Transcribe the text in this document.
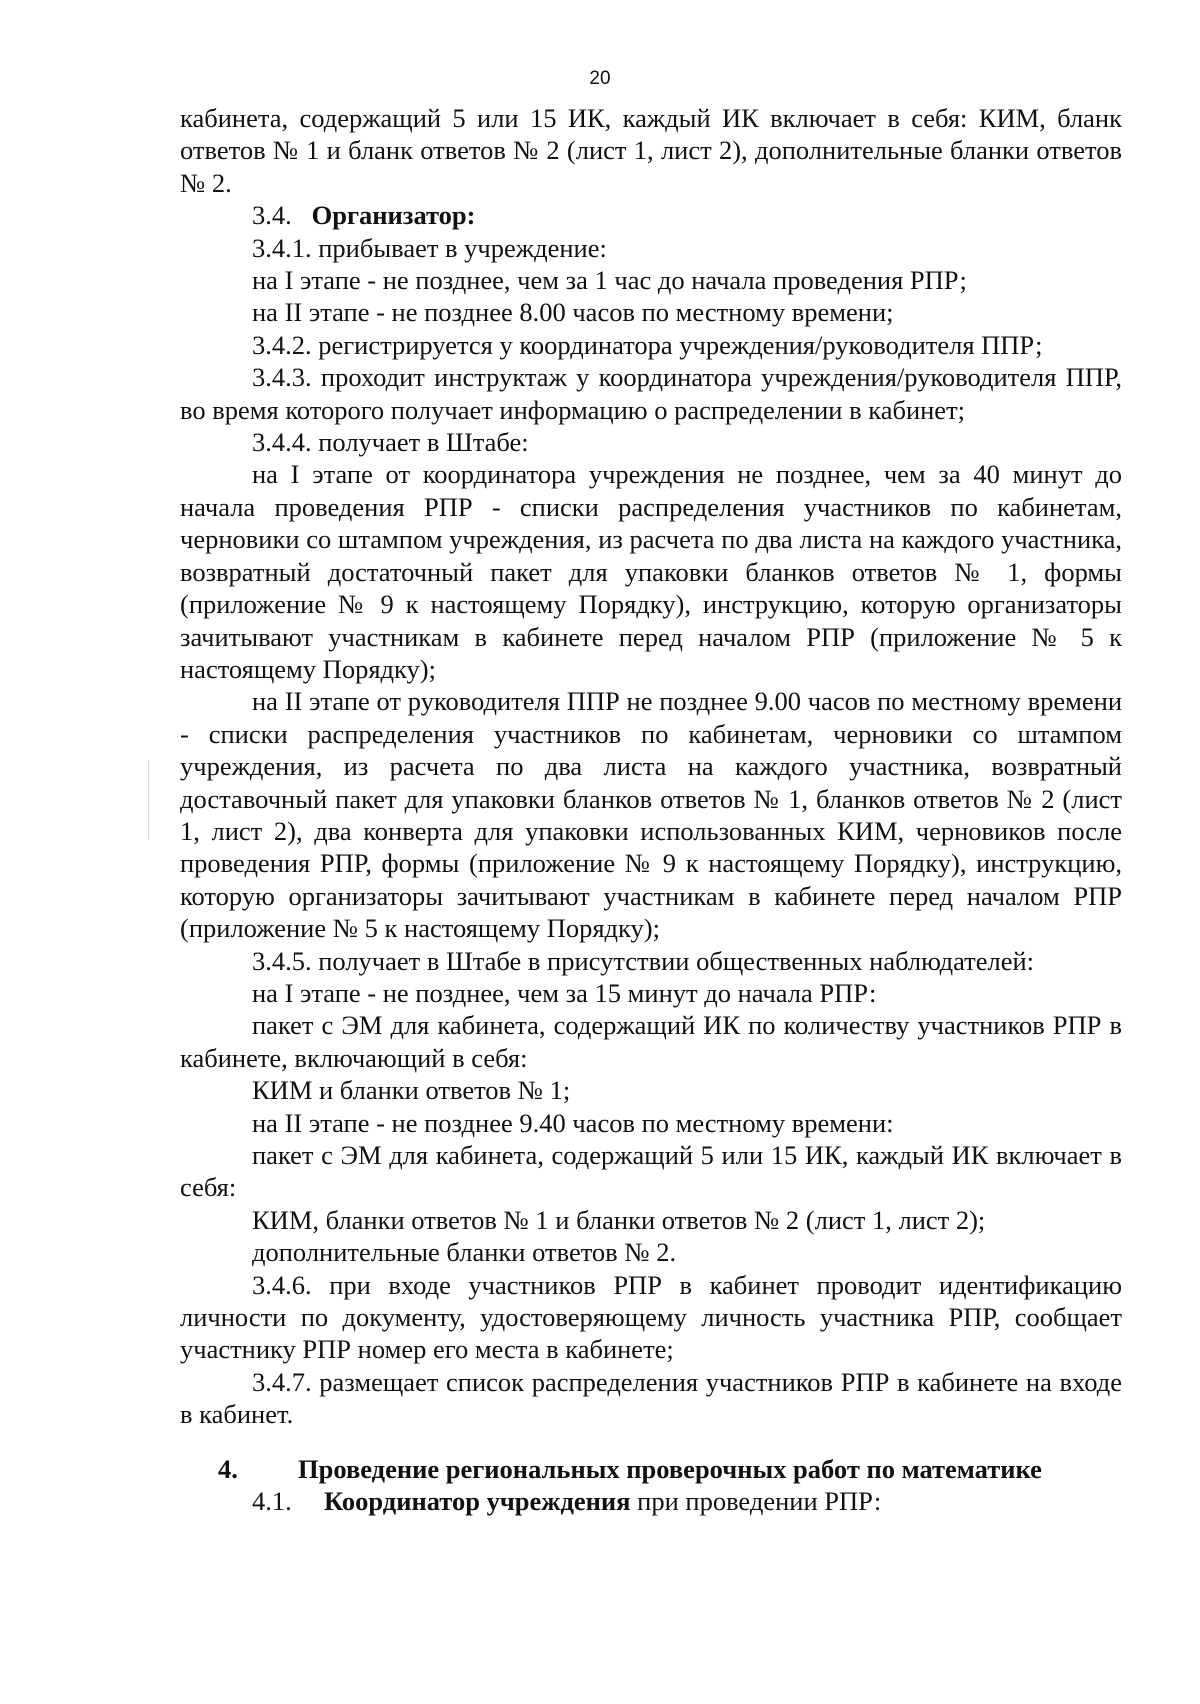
20

кабинета, содержащий 5 или 15 ИК, каждый ИК включает в себя: КИМ, бланк ответов № 1 и бланк ответов № 2 (лист 1, лист 2), дополнительные бланки ответов № 2.

3.4. Организатор:

3.4.1. прибывает в учреждение:

на I этапе - не позднее, чем за 1 час до начала проведения РПР;

на II этапе - не позднее 8.00 часов по местному времени;

3.4.2. регистрируется у координатора учреждения/руководителя ППР;

3.4.3. проходит инструктаж у координатора учреждения/руководителя ППР, во время которого получает информацию о распределении в кабинет;

3.4.4. получает в Штабе:

на I этапе от координатора учреждения не позднее, чем за 40 минут до начала проведения РПР - списки распределения участников по кабинетам, черновики со штампом учреждения, из расчета по два листа на каждого участника, возвратный достаточный пакет для упаковки бланков ответов № 1, формы (приложение № 9 к настоящему Порядку), инструкцию, которую организаторы зачитывают участникам в кабинете перед началом РПР (приложение № 5 к настоящему Порядку);

на II этапе от руководителя ППР не позднее 9.00 часов по местному времени - списки распределения участников по кабинетам, черновики со штампом учреждения, из расчета по два листа на каждого участника, возвратный доставочный пакет для упаковки бланков ответов № 1, бланков ответов № 2 (лист 1, лист 2), два конверта для упаковки использованных КИМ, черновиков после проведения РПР, формы (приложение № 9 к настоящему Порядку), инструкцию, которую организаторы зачитывают участникам в кабинете перед началом РПР (приложение № 5 к настоящему Порядку);

3.4.5. получает в Штабе в присутствии общественных наблюдателей:

на I этапе - не позднее, чем за 15 минут до начала РПР:

пакет с ЭМ для кабинета, содержащий ИК по количеству участников РПР в кабинете, включающий в себя:

КИМ и бланки ответов № 1;

на II этапе - не позднее 9.40 часов по местному времени:

пакет с ЭМ для кабинета, содержащий 5 или 15 ИК, каждый ИК включает в себя:

КИМ, бланки ответов № 1 и бланки ответов № 2 (лист 1, лист 2);

дополнительные бланки ответов № 2.

3.4.6. при входе участников РПР в кабинет проводит идентификацию личности по документу, удостоверяющему личность участника РПР, сообщает участнику РПР номер его места в кабинете;

3.4.7. размещает список распределения участников РПР в кабинете на входе в кабинет.

4.	Проведение региональных проверочных работ по математике

4.1. Координатор учреждения при проведении РПР:
